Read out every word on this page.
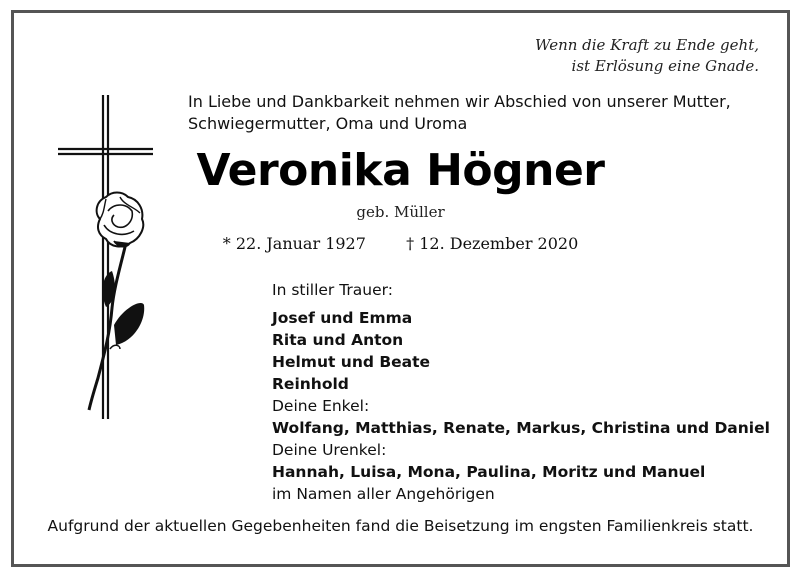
Wenn die Kraft zu Ende geht,
ist Erlösung eine Gnade.
In Liebe und Dankbarkeit nehmen wir Abschied von unserer Mutter,
Schwiegermutter, Oma und Uroma
Veronika Högner
geb. Müller
* 22. Januar 1927	† 12. Dezember 2020
In stiller Trauer:
Josef und Emma
Rita und Anton
Helmut und Beate
Reinhold
Deine Enkel:
Wolfang, Matthias, Renate, Markus, Christina und Daniel
Deine Urenkel:
Hannah, Luisa, Mona, Paulina, Moritz und Manuel
im Namen aller Angehörigen
Aufgrund der aktuellen Gegebenheiten fand die Beisetzung im engsten Familienkreis statt.
